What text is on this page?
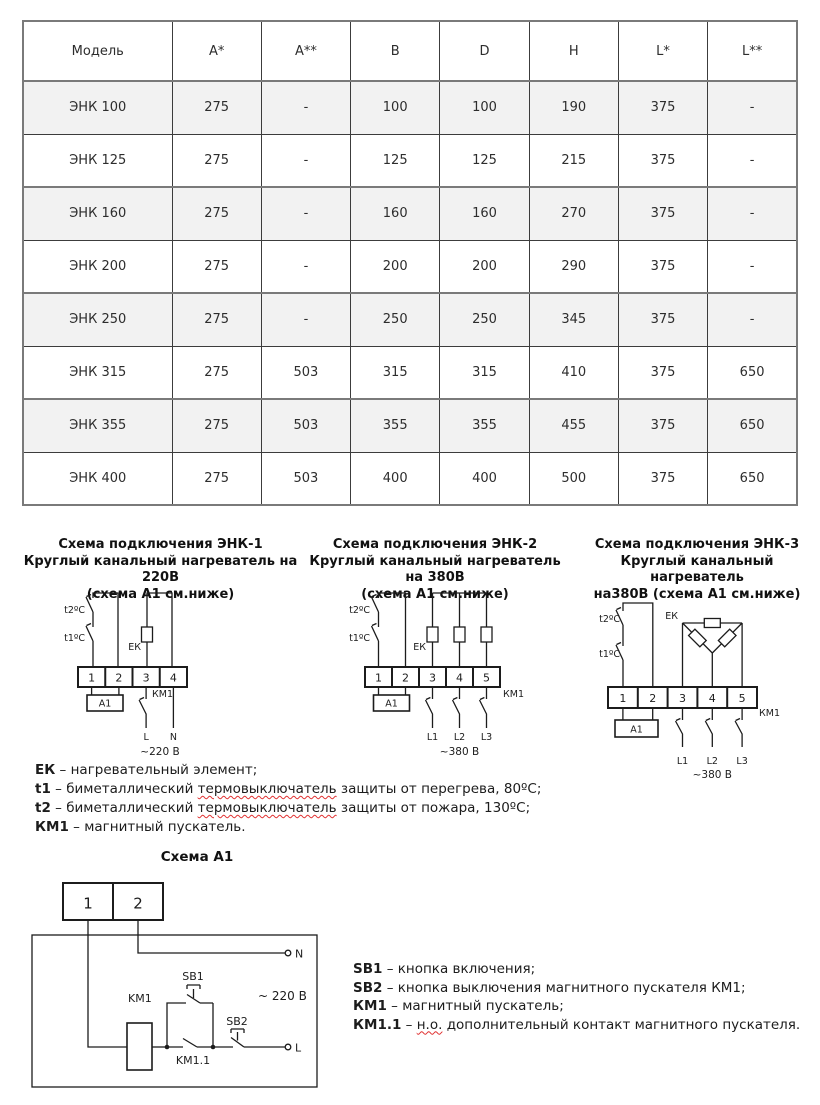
Модель	A*	A**	B	D	H	L*	L**
ЭНК 100	275	-	100	100	190	375	-
ЭНК 125	275	-	125	125	215	375	-
ЭНК 160	275	-	160	160	270	375	-
ЭНК 200	275	-	200	200	290	375	-
ЭНК 250	275	-	250	250	345	375	-
ЭНК 315	275	503	315	315	410	375	650
ЭНК 355	275	503	355	355	455	375	650
ЭНК 400	275	503	400	400	500	375	650
Схема подключения ЭНК-1
Круглый канальный нагреватель на 220В
(схема А1 см.ниже)
Схема подключения ЭНК-2
Круглый канальный нагреватель на 380В
(схема А1 см.ниже)
Схема подключения ЭНК-3
Круглый канальный нагреватель
на380В (схема А1 см.ниже)
1 2 3 4
А1
t2ºC
t1ºC
ЕК
КМ1
L N
~220 В
1 2 3 4 5
А1
t2ºC
t1ºC
ЕК
КМ1
L1 L2 L3
~380 В
1 2 3 4 5
А1
t2ºC
t1ºC
ЕК
КМ1
L1 L2 L3
~380 В
ЕК – нагревательный элемент;
t1 – биметаллический термовыключатель защиты от перегрева, 80ºС;
t2 – биметаллический термовыключатель защиты от пожара, 130ºС;
КМ1 – магнитный пускатель.
Схема А1
1	2
N
KM1
SB1
KM1.1
SB2
L
~ 220 В
SB1 – кнопка включения;
SB2 – кнопка выключения магнитного пускателя КМ1;
КМ1 – магнитный пускатель;
КМ1.1 – н.о. дополнительный контакт магнитного пускателя.
